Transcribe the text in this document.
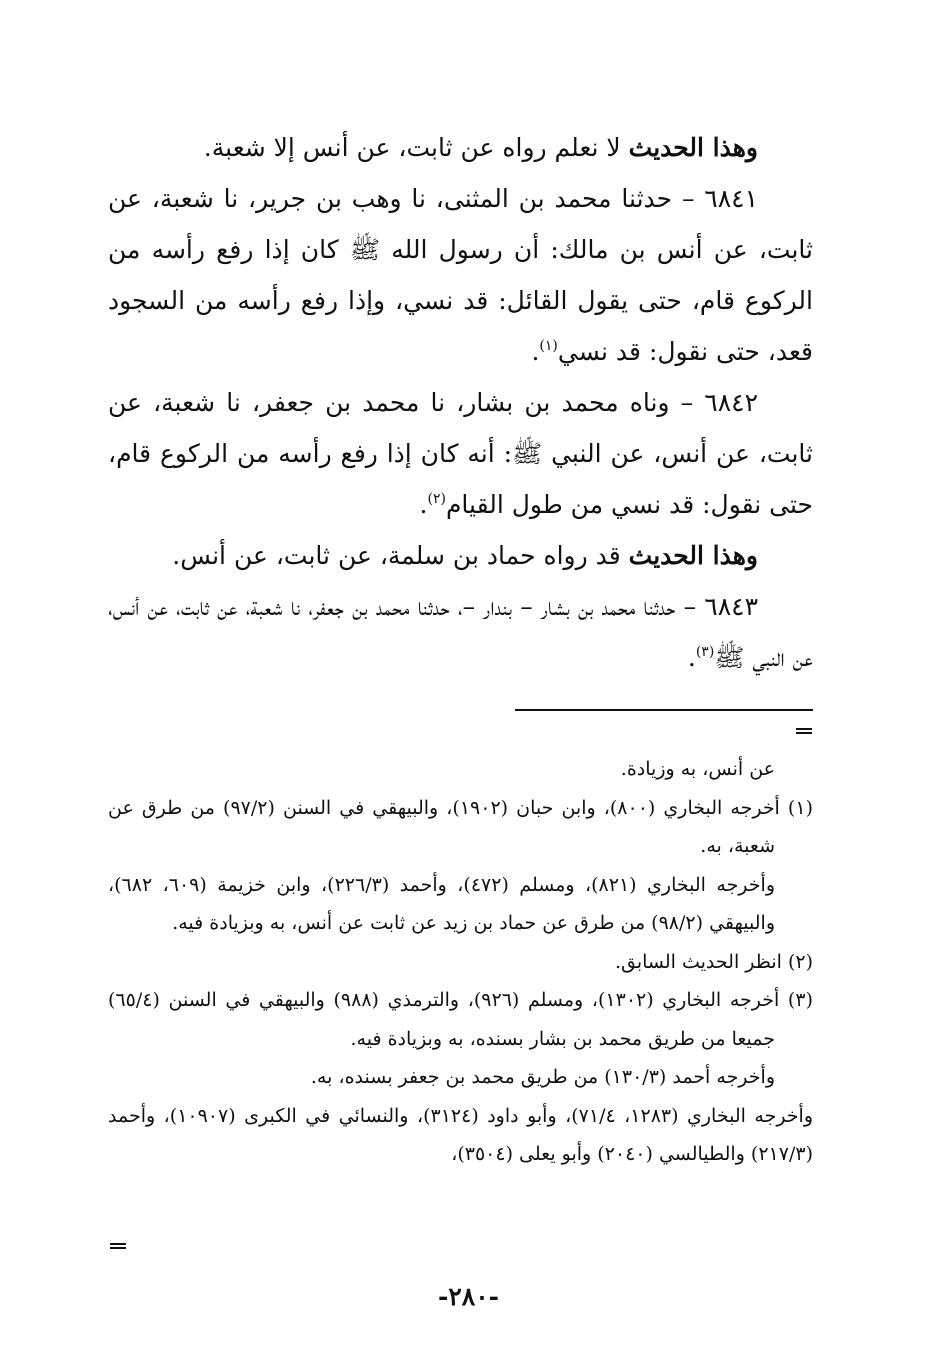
وهذا الحديث لا نعلم رواه عن ثابت، عن أنس إلا شعبة.

٦٨٤١ – حدثنا محمد بن المثنى، نا وهب بن جرير، نا شعبة، عن ثابت، عن أنس بن مالك: أن رسول الله ﷺ كان إذا رفع رأسه من الركوع قام، حتى يقول القائل: قد نسي، وإذا رفع رأسه من السجود قعد، حتى نقول: قد نسي$^{(١)}$.

٦٨٤٢ – وناه محمد بن بشار، نا محمد بن جعفر، نا شعبة، عن ثابت، عن أنس، عن النبي ﷺ: أنه كان إذا رفع رأسه من الركوع قام، حتى نقول: قد نسي من طول القيام$^{(٢)}$.

وهذا الحديث قد رواه حماد بن سلمة، عن ثابت، عن أنس.

٦٨٤٣ – حدثنا محمد بن بشار – بندار –، حدثنا محمد بن جعفر، نا شعبة، عن ثابت، عن أنس، عن النبي ﷺ$^{(٣)}$.

عن أنس، به وزيادة.

(١) أخرجه البخاري (٨٠٠)، وابن حبان (١٩٠٢)، والبيهقي في السنن (٩٧/٢) من طرق عن شعبة، به.

وأخرجه البخاري (٨٢١)، ومسلم (٤٧٢)، وأحمد (٢٢٦/٣)، وابن خزيمة (٦٠٩، ٦٨٢)، والبيهقي (٩٨/٢) من طرق عن حماد بن زيد عن ثابت عن أنس، به وبزيادة فيه.

(٢) انظر الحديث السابق.

(٣) أخرجه البخاري (١٣٠٢)، ومسلم (٩٢٦)، والترمذي (٩٨٨) والبيهقي في السنن (٦٥/٤) جميعا من طريق محمد بن بشار بسنده، به وبزيادة فيه.

وأخرجه أحمد (١٣٠/٣) من طريق محمد بن جعفر بسنده، به.

وأخرجه البخاري (١٢٨٣، ٧١/٤)، وأبو داود (٣١٢٤)، والنسائي في الكبرى (١٠٩٠٧)، وأحمد (٢١٧/٣) والطيالسي (٢٠٤٠) وأبو يعلى (٣٥٠٤)،

-٢٨٠-
